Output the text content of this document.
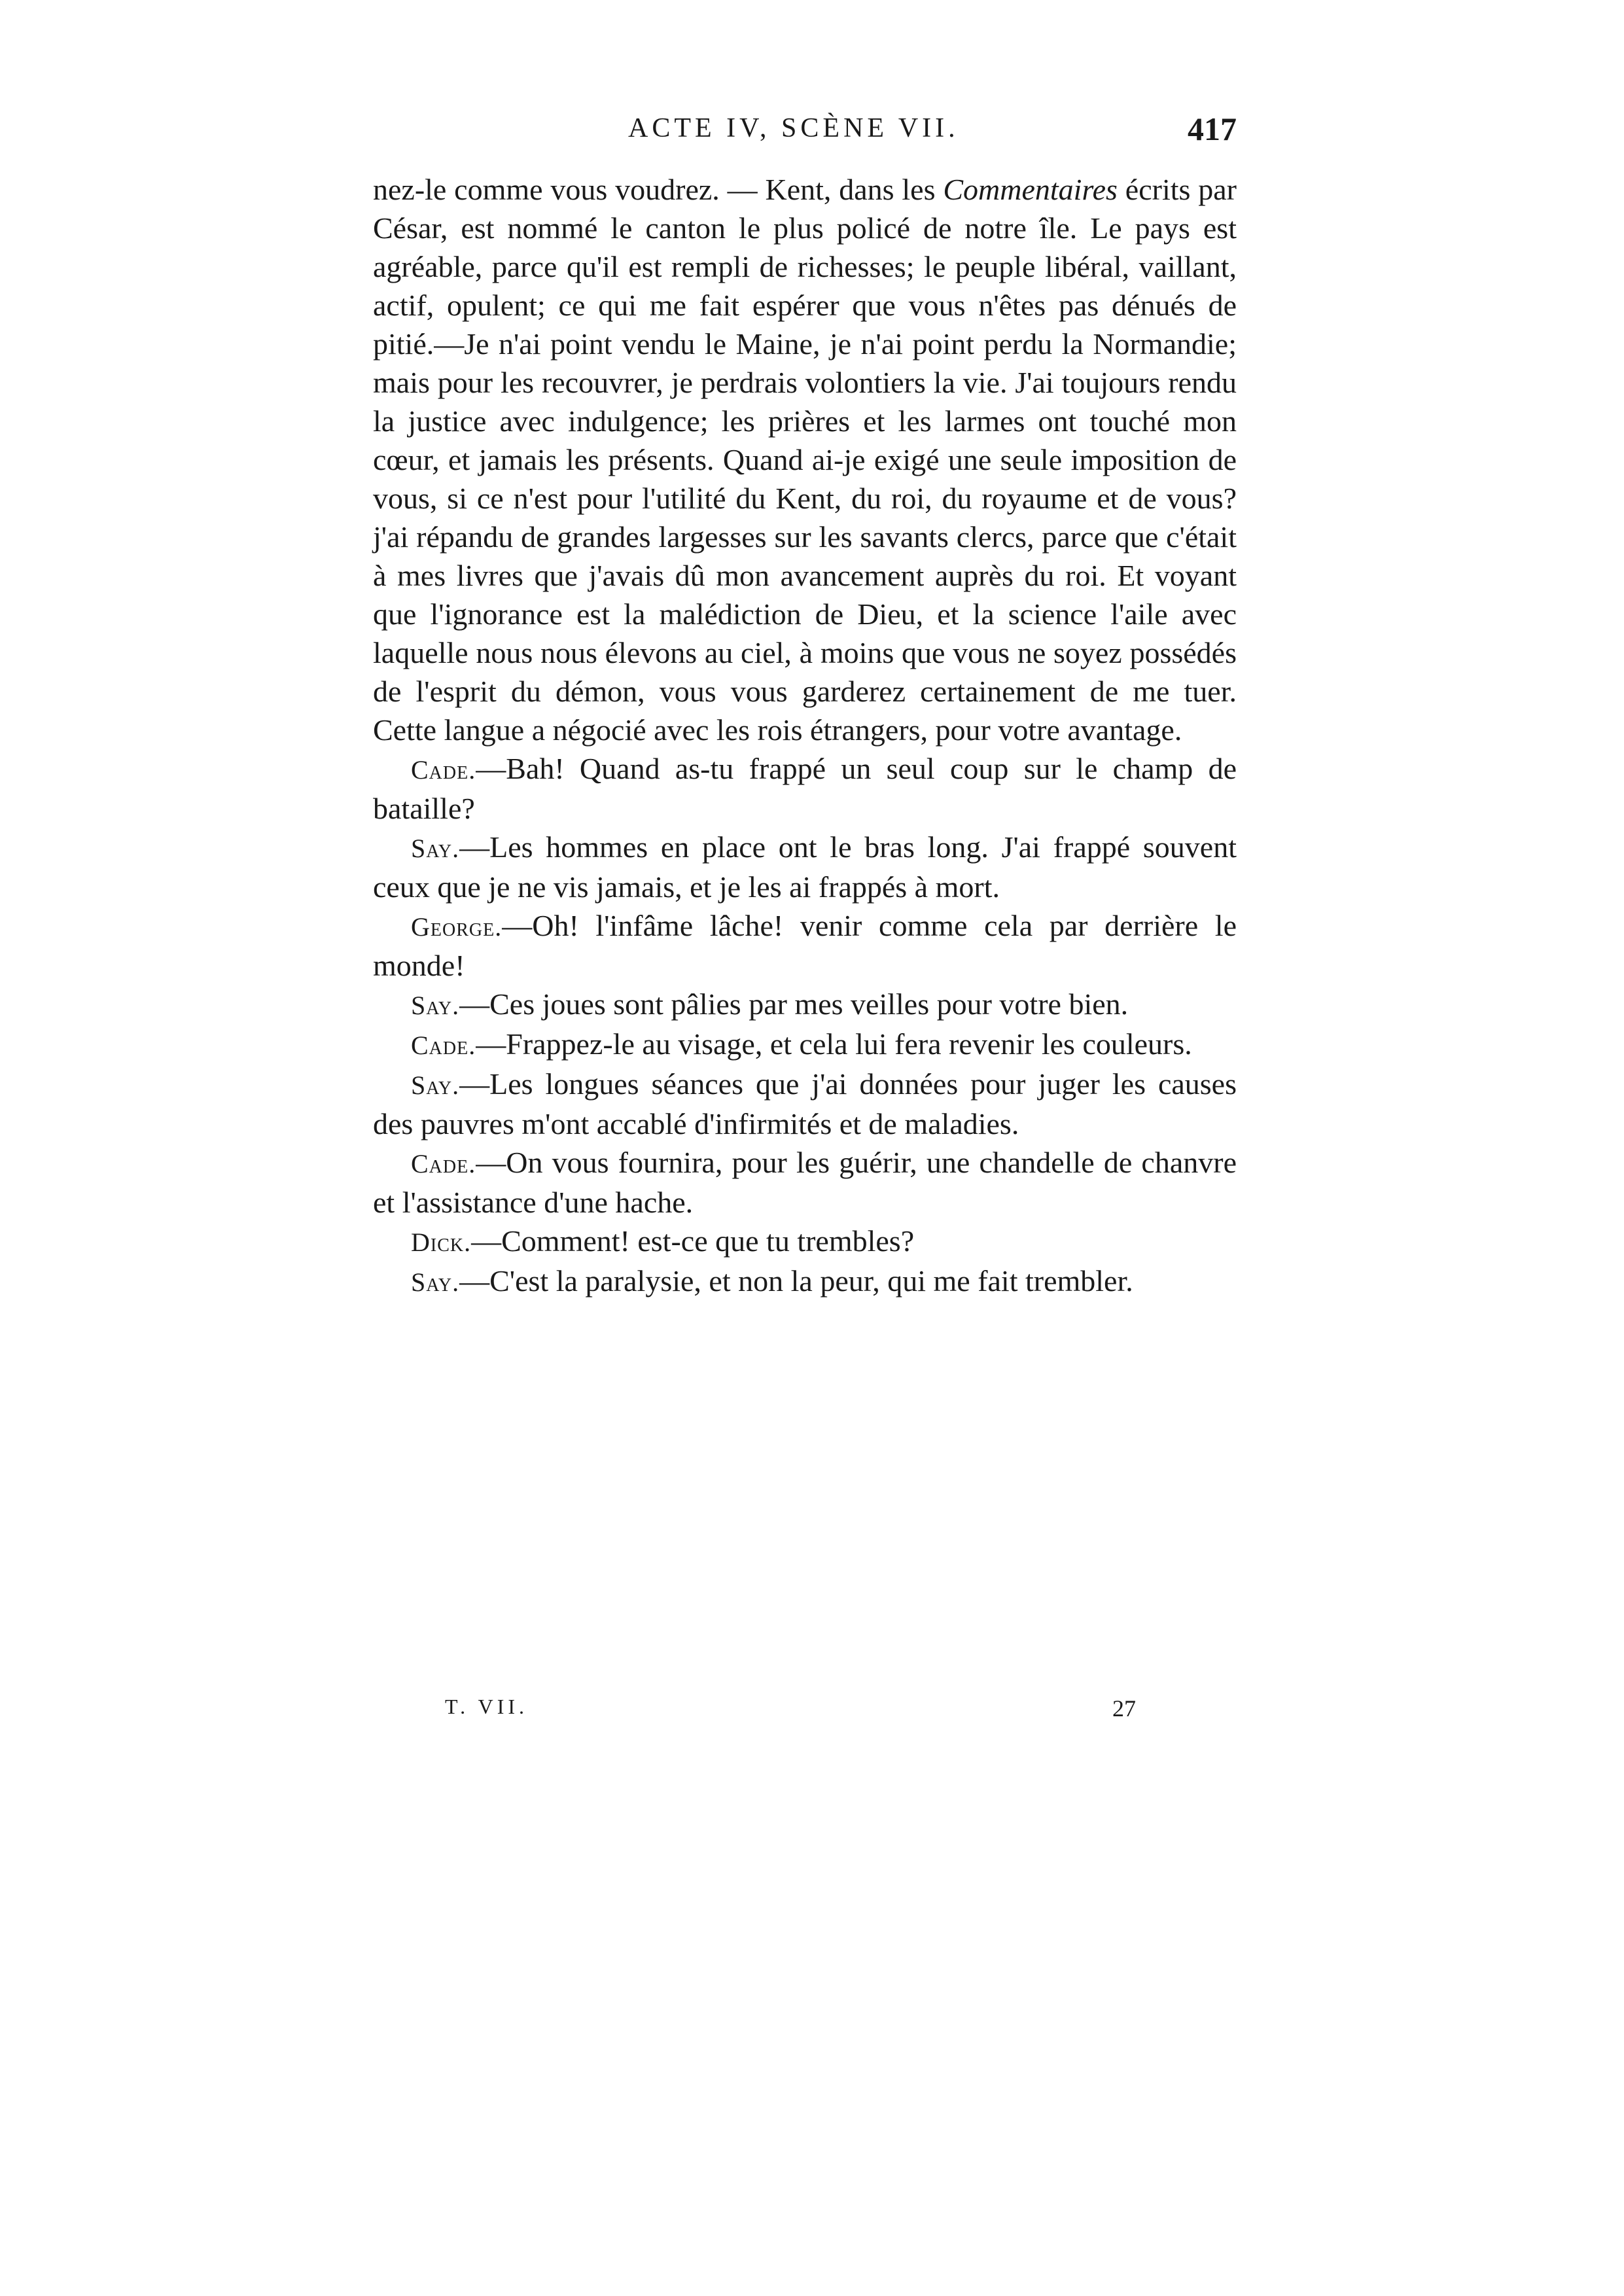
ACTE IV, SCÈNE VII.	417

nez-le comme vous voudrez. — Kent, dans les Commentaires écrits par César, est nommé le canton le plus policé de notre île. Le pays est agréable, parce qu'il est rempli de richesses; le peuple libéral, vaillant, actif, opulent; ce qui me fait espérer que vous n'êtes pas dénués de pitié.—Je n'ai point vendu le Maine, je n'ai point perdu la Normandie; mais pour les recouvrer, je perdrais volontiers la vie. J'ai toujours rendu la justice avec indulgence; les prières et les larmes ont touché mon cœur, et jamais les présents. Quand ai-je exigé une seule imposition de vous, si ce n'est pour l'utilité du Kent, du roi, du royaume et de vous? j'ai répandu de grandes largesses sur les savants clercs, parce que c'était à mes livres que j'avais dû mon avancement auprès du roi. Et voyant que l'ignorance est la malédiction de Dieu, et la science l'aile avec laquelle nous nous élevons au ciel, à moins que vous ne soyez possédés de l'esprit du démon, vous vous garderez certainement de me tuer. Cette langue a négocié avec les rois étrangers, pour votre avantage.

Cade.—Bah! Quand as-tu frappé un seul coup sur le champ de bataille?

Say.—Les hommes en place ont le bras long. J'ai frappé souvent ceux que je ne vis jamais, et je les ai frappés à mort.

George.—Oh! l'infâme lâche! venir comme cela par derrière le monde!

Say.—Ces joues sont pâlies par mes veilles pour votre bien.

Cade.—Frappez-le au visage, et cela lui fera revenir les couleurs.

Say.—Les longues séances que j'ai données pour juger les causes des pauvres m'ont accablé d'infirmités et de maladies.

Cade.—On vous fournira, pour les guérir, une chandelle de chanvre et l'assistance d'une hache.

Dick.—Comment! est-ce que tu trembles?

Say.—C'est la paralysie, et non la peur, qui me fait trembler.

T. VII.	27
